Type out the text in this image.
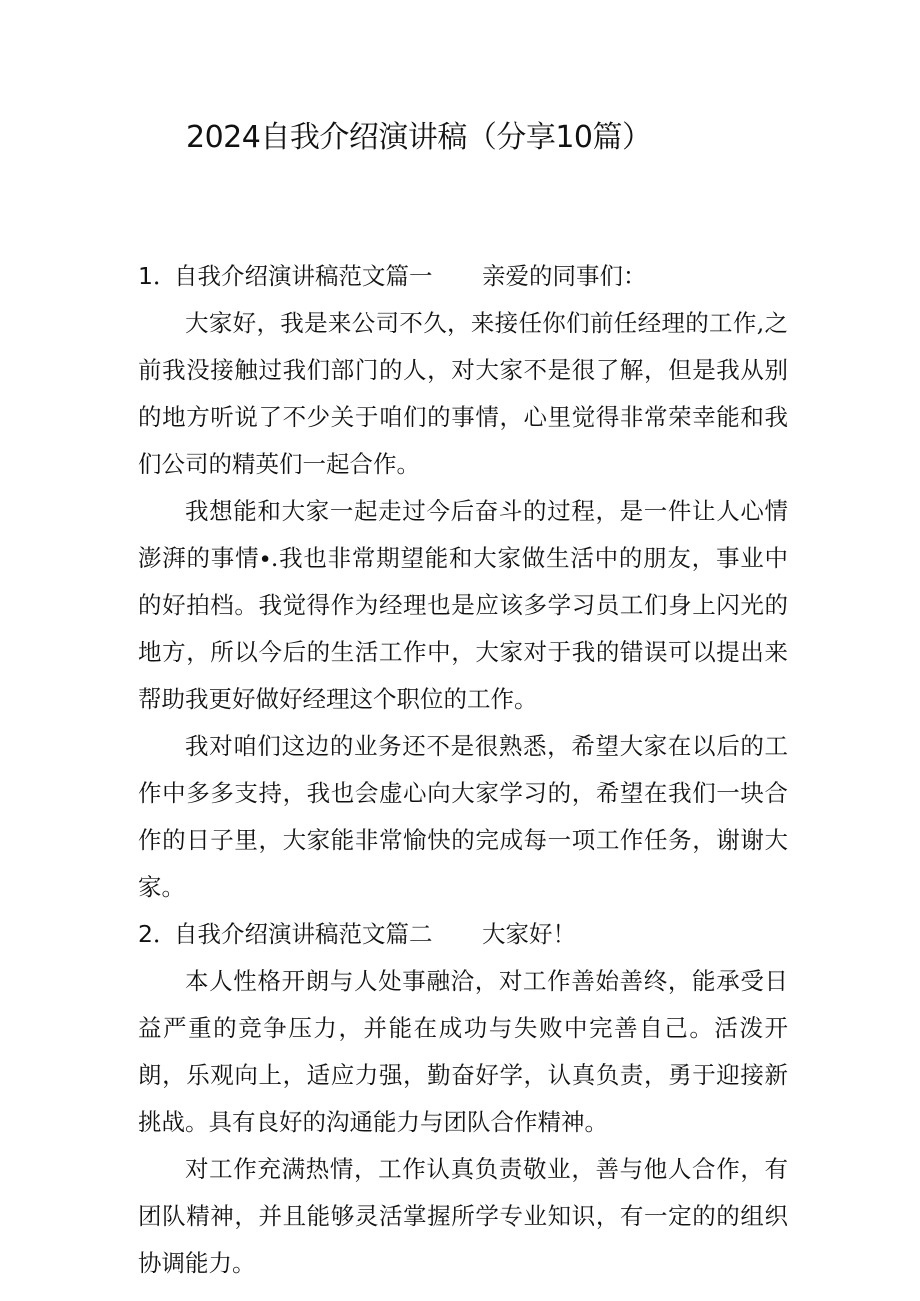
2024自我介绍演讲稿（分享10篇）

1．自我介绍演讲稿范文篇一 亲爱的同事们：

大家好，我是来公司不久，来接任你们前任经理的工作,之前我没接触过我们部门的人，对大家不是很了解，但是我从别的地方听说了不少关于咱们的事情，心里觉得非常荣幸能和我们公司的精英们一起合作。

我想能和大家一起走过今后奋斗的过程，是一件让人心情澎湃的事情∙.我也非常期望能和大家做生活中的朋友，事业中的好拍档。我觉得作为经理也是应该多学习员工们身上闪光的地方，所以今后的生活工作中，大家对于我的错误可以提出来帮助我更好做好经理这个职位的工作。

我对咱们这边的业务还不是很熟悉，希望大家在以后的工作中多多支持，我也会虚心向大家学习的，希望在我们一块合作的日子里，大家能非常愉快的完成每一项工作任务，谢谢大家。

2．自我介绍演讲稿范文篇二 大家好！

本人性格开朗与人处事融洽，对工作善始善终，能承受日益严重的竞争压力，并能在成功与失败中完善自己。活泼开朗，乐观向上，适应力强，勤奋好学，认真负责，勇于迎接新挑战。具有良好的沟通能力与团队合作精神。

对工作充满热情，工作认真负责敬业，善与他人合作，有团队精神，并且能够灵活掌握所学专业知识，有一定的的组织协调能力。
